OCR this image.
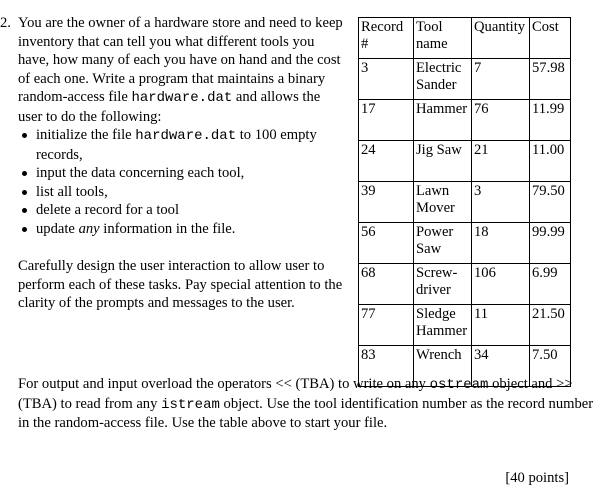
2. You are the owner of a hardware store and need to keep inventory that can tell you what different tools you have, how many of each you have on hand and the cost of each one. Write a program that maintains a binary random-access file hardware.dat and allows the user to do the following:

initialize the file hardware.dat to 100 empty records,
input the data concerning each tool,
list all tools,
delete a record for a tool
update any information in the file.

Carefully design the user interaction to allow user to perform each of these tasks. Pay special attention to the clarity of the prompts and messages to the user.

Record #	Tool name	Quantity	Cost
3	Electric Sander	7	57.98
17	Hammer	76	11.99
24	Jig Saw	21	11.00
39	Lawn Mover	3	79.50
56	Power Saw	18	99.99
68	Screw-driver	106	6.99
77	Sledge Hammer	11	21.50
83	Wrench	34	7.50

For output and input overload the operators << (TBA) to write on any ostream object and >> (TBA) to read from any istream object. Use the tool identification number as the record number in the random-access file. Use the table above to start your file.

[40 points]
